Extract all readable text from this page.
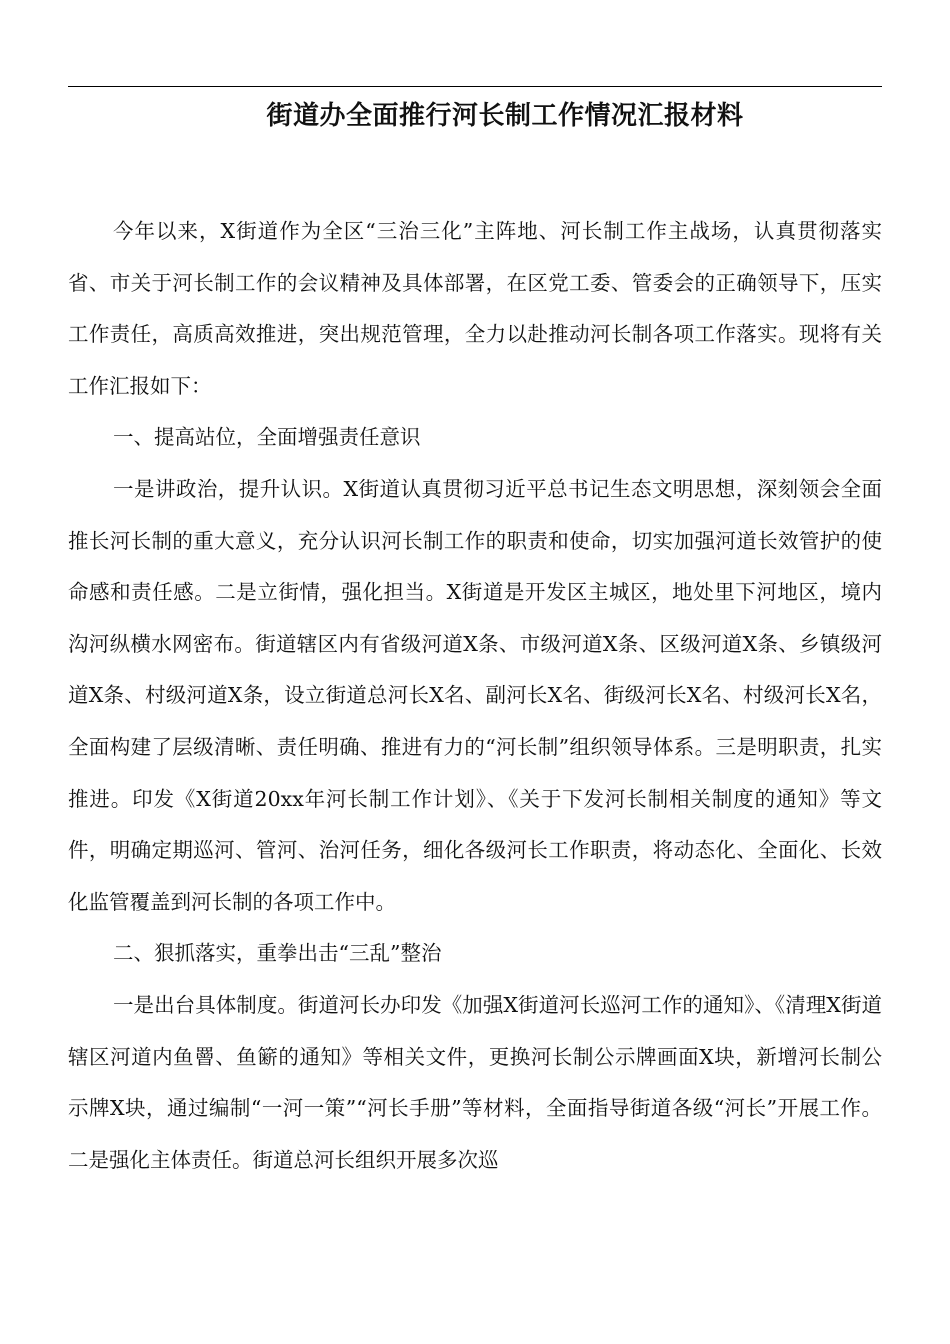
街道办全面推行河长制工作情况汇报材料

今年以来，X街道作为全区“三治三化”主阵地、河长制工作主战场，认真贯彻落实省、市关于河长制工作的会议精神及具体部署，在区党工委、管委会的正确领导下，压实工作责任，高质高效推进，突出规范管理，全力以赴推动河长制各项工作落实。现将有关工作汇报如下：

一、提高站位，全面增强责任意识

一是讲政治，提升认识。X街道认真贯彻习近平总书记生态文明思想，深刻领会全面推长河长制的重大意义，充分认识河长制工作的职责和使命，切实加强河道长效管护的使命感和责任感。二是立街情，强化担当。X街道是开发区主城区，地处里下河地区，境内沟河纵横水网密布。街道辖区内有省级河道X条、市级河道X条、区级河道X条、乡镇级河道X条、村级河道X条，设立街道总河长X名、副河长X名、街级河长X名、村级河长X名，全面构建了层级清晰、责任明确、推进有力的“河长制”组织领导体系。三是明职责，扎实推进。印发《X街道20xx年河长制工作计划》、《关于下发河长制相关制度的通知》等文件，明确定期巡河、管河、治河任务，细化各级河长工作职责，将动态化、全面化、长效化监管覆盖到河长制的各项工作中。

二、狠抓落实，重拳出击“三乱”整治

一是出台具体制度。街道河长办印发《加强X街道河长巡河工作的通知》、《清理X街道辖区河道内鱼罾、鱼簖的通知》等相关文件，更换河长制公示牌画面X块，新增河长制公示牌X块，通过编制“一河一策”“河长手册”等材料，全面指导街道各级“河长”开展工作。二是强化主体责任。街道总河长组织开展多次巡
